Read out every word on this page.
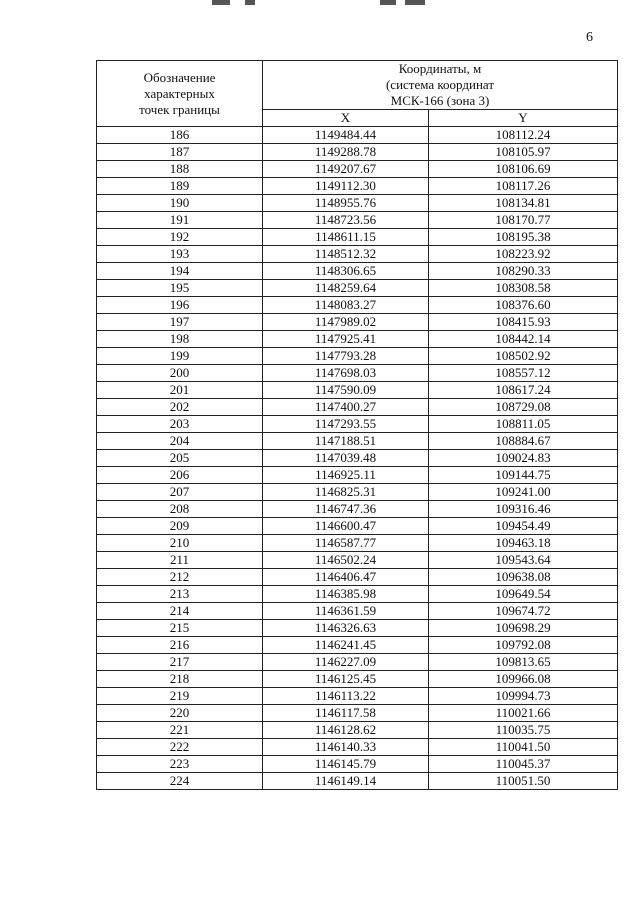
6
Обозначение
характерных
точек границы	Координаты, м
(система координат
МСК-166 (зона 3)	
	X	Y
186	1149484.44	108112.24
187	1149288.78	108105.97
188	1149207.67	108106.69
189	1149112.30	108117.26
190	1148955.76	108134.81
191	1148723.56	108170.77
192	1148611.15	108195.38
193	1148512.32	108223.92
194	1148306.65	108290.33
195	1148259.64	108308.58
196	1148083.27	108376.60
197	1147989.02	108415.93
198	1147925.41	108442.14
199	1147793.28	108502.92
200	1147698.03	108557.12
201	1147590.09	108617.24
202	1147400.27	108729.08
203	1147293.55	108811.05
204	1147188.51	108884.67
205	1147039.48	109024.83
206	1146925.11	109144.75
207	1146825.31	109241.00
208	1146747.36	109316.46
209	1146600.47	109454.49
210	1146587.77	109463.18
211	1146502.24	109543.64
212	1146406.47	109638.08
213	1146385.98	109649.54
214	1146361.59	109674.72
215	1146326.63	109698.29
216	1146241.45	109792.08
217	1146227.09	109813.65
218	1146125.45	109966.08
219	1146113.22	109994.73
220	1146117.58	110021.66
221	1146128.62	110035.75
222	1146140.33	110041.50
223	1146145.79	110045.37
224	1146149.14	110051.50
